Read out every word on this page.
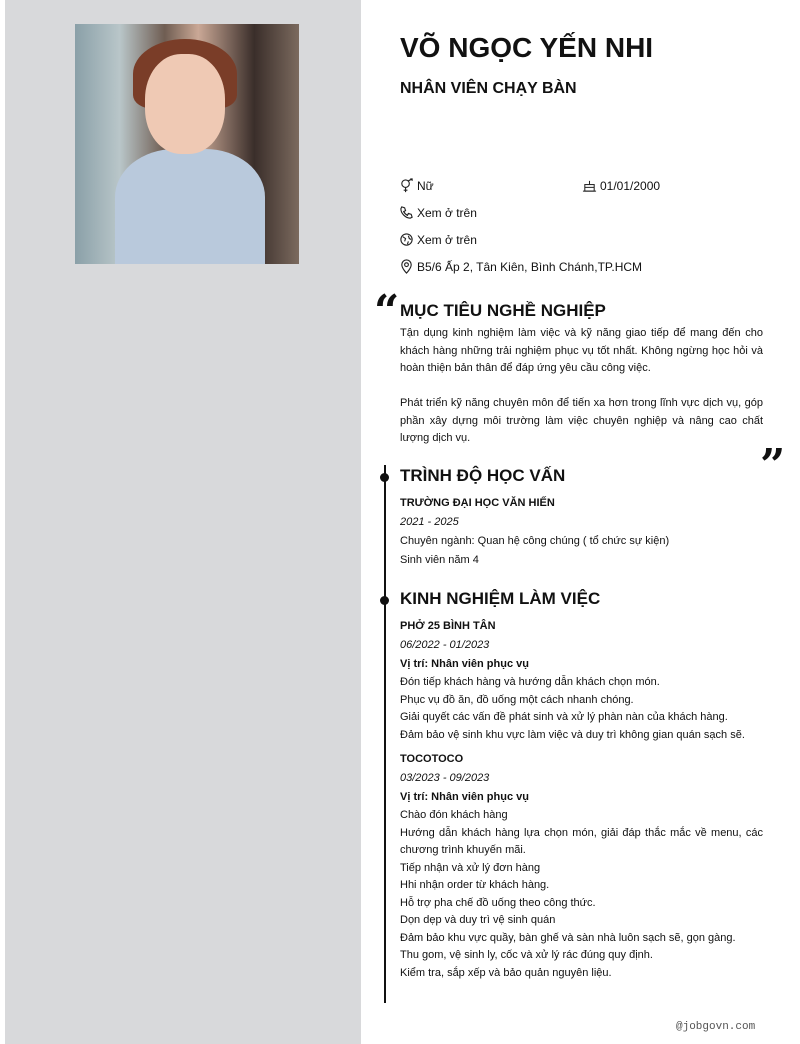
VÕ NGỌC YẾN NHI
NHÂN VIÊN CHẠY BÀN
Nữ	01/01/2000
Xem ở trên
Xem ở trên
B5/6 Ấp 2, Tân Kiên, Bình Chánh,TP.HCM
“ MỤC TIÊU NGHỀ NGHIỆP
Tận dụng kinh nghiệm làm việc và kỹ năng giao tiếp để mang đến cho khách hàng những trải nghiệm phục vụ tốt nhất. Không ngừng học hỏi và hoàn thiện bản thân để đáp ứng yêu cầu công việc.
Phát triển kỹ năng chuyên môn để tiến xa hơn trong lĩnh vực dịch vụ, góp phần xây dựng môi trường làm việc chuyên nghiệp và nâng cao chất lượng dịch vụ.
”
TRÌNH ĐỘ HỌC VẤN
TRƯỜNG ĐẠI HỌC VĂN HIẾN
2021 - 2025
Chuyên ngành: Quan hệ công chúng ( tổ chức sự kiện)
Sinh viên năm 4
KINH NGHIỆM LÀM VIỆC
PHỞ 25 BÌNH TÂN
06/2022 - 01/2023
Vị trí: Nhân viên phục vụ
Đón tiếp khách hàng và hướng dẫn khách chọn món.
Phục vụ đồ ăn, đồ uống một cách nhanh chóng.
Giải quyết các vấn đề phát sinh và xử lý phàn nàn của khách hàng.
Đảm bảo vệ sinh khu vực làm việc và duy trì không gian quán sạch sẽ.
TOCOTOCO
03/2023 - 09/2023
Vị trí: Nhân viên phục vụ
Chào đón khách hàng
Hướng dẫn khách hàng lựa chọn món, giải đáp thắc mắc về menu, các chương trình khuyến mãi.
Tiếp nhận và xử lý đơn hàng
Hhi nhận order từ khách hàng.
Hỗ trợ pha chế đồ uống theo công thức.
Dọn dẹp và duy trì vệ sinh quán
Đảm bảo khu vực quầy, bàn ghế và sàn nhà luôn sạch sẽ, gọn gàng.
Thu gom, vệ sinh ly, cốc và xử lý rác đúng quy định.
Kiểm tra, sắp xếp và bảo quản nguyên liệu.
@jobgovn.com
